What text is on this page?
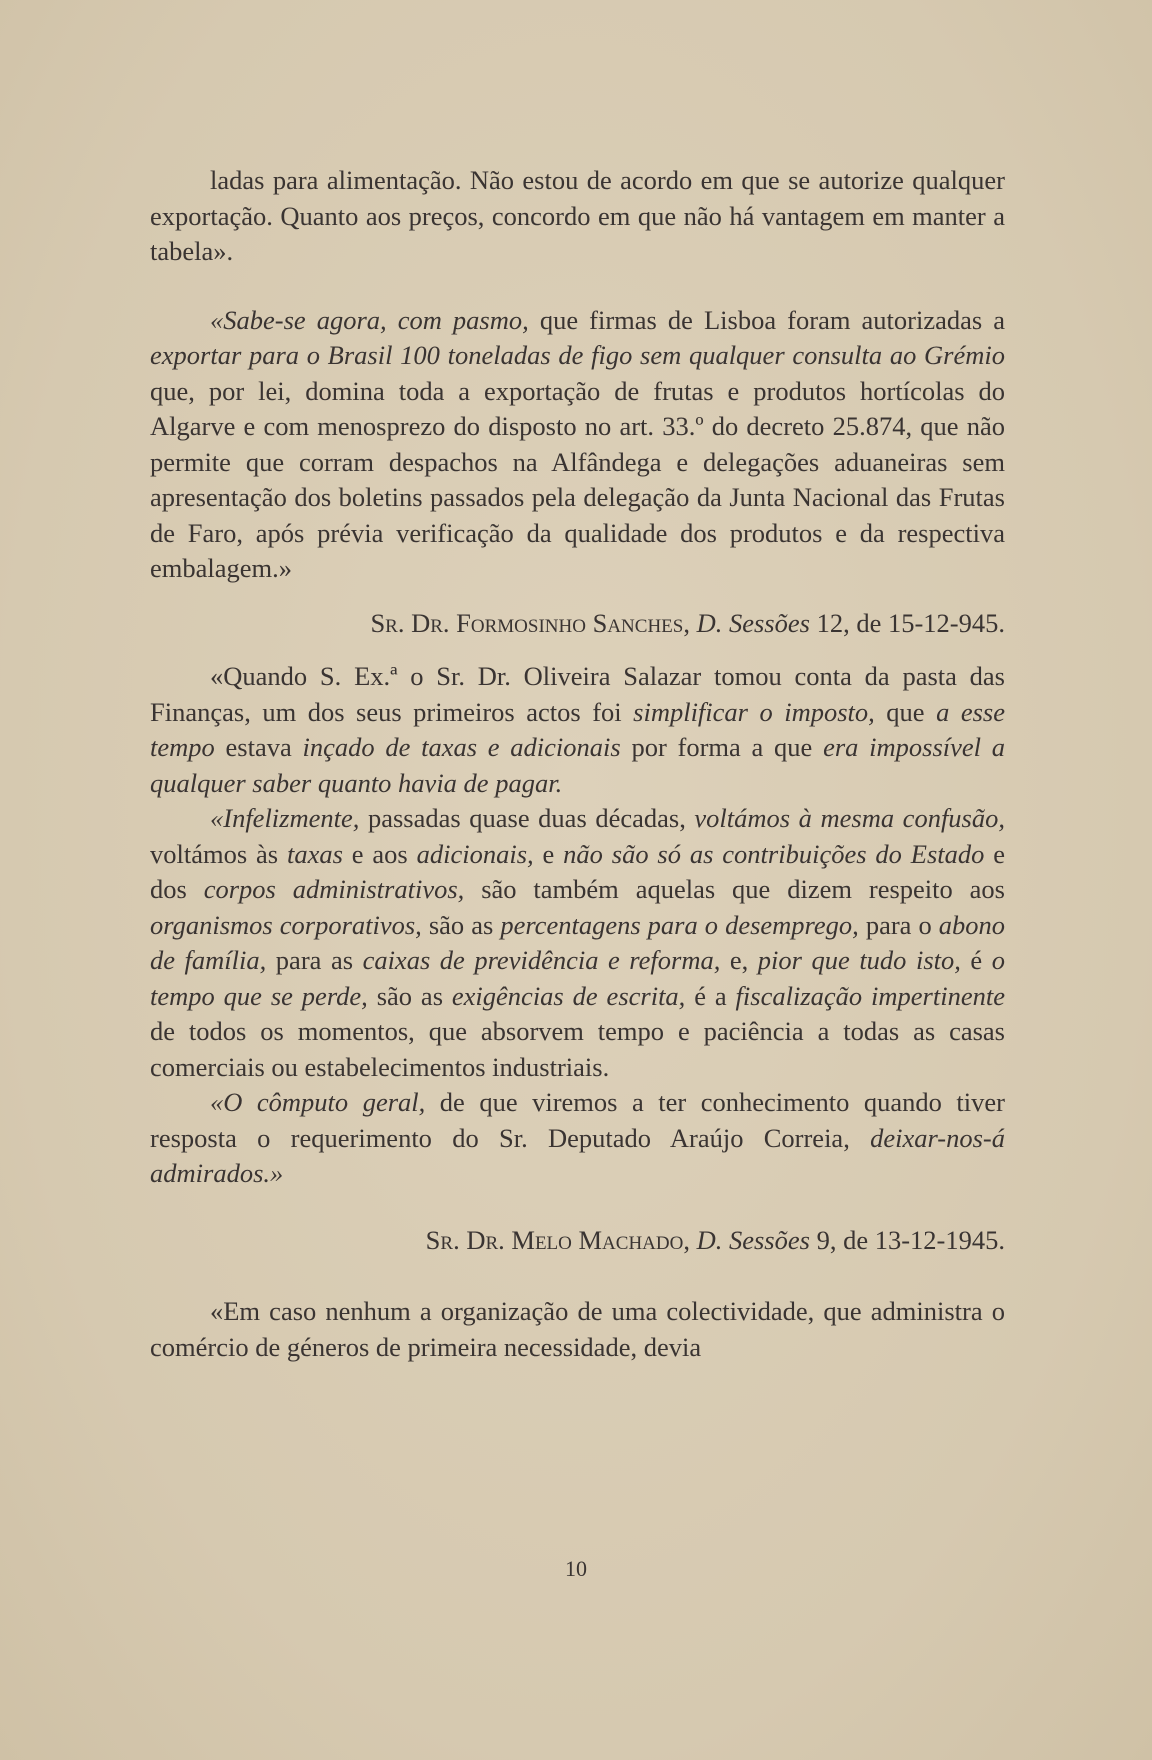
ladas para alimentação. Não estou de acordo em que se autorize qualquer exportação. Quanto aos preços, concordo em que não há vantagem em manter a tabela».

«Sabe-se agora, com pasmo, que firmas de Lisboa foram autorizadas a exportar para o Brasil 100 toneladas de figo sem qualquer consulta ao Grémio que, por lei, domina toda a exportação de frutas e produtos hortícolas do Algarve e com menosprezo do disposto no art. 33.º do decreto 25.874, que não permite que corram despachos na Alfândega e delegações aduaneiras sem apresentação dos boletins passados pela delegação da Junta Nacional das Frutas de Faro, após prévia verificação da qualidade dos produtos e da respectiva embalagem.»

Sr. Dr. Formosinho Sanches, D. Sessões 12, de 15-12-945.

«Quando S. Ex.ª o Sr. Dr. Oliveira Salazar tomou conta da pasta das Finanças, um dos seus primeiros actos foi simplificar o imposto, que a esse tempo estava inçado de taxas e adicionais por forma a que era impossível a qualquer saber quanto havia de pagar.

«Infelizmente, passadas quase duas décadas, voltámos à mesma confusão, voltámos às taxas e aos adicionais, e não são só as contribuições do Estado e dos corpos administrativos, são também aquelas que dizem respeito aos organismos corporativos, são as percentagens para o desemprego, para o abono de família, para as caixas de previdência e reforma, e, pior que tudo isto, é o tempo que se perde, são as exigências de escrita, é a fiscalização impertinente de todos os momentos, que absorvem tempo e paciência a todas as casas comerciais ou estabelecimentos industriais.

«O cômputo geral, de que viremos a ter conhecimento quando tiver resposta o requerimento do Sr. Deputado Araújo Correia, deixar-nos-á admirados.»

Sr. Dr. Melo Machado, D. Sessões 9, de 13-12-1945.

«Em caso nenhum a organização de uma colectividade, que administra o comércio de géneros de primeira necessidade, devia

10
